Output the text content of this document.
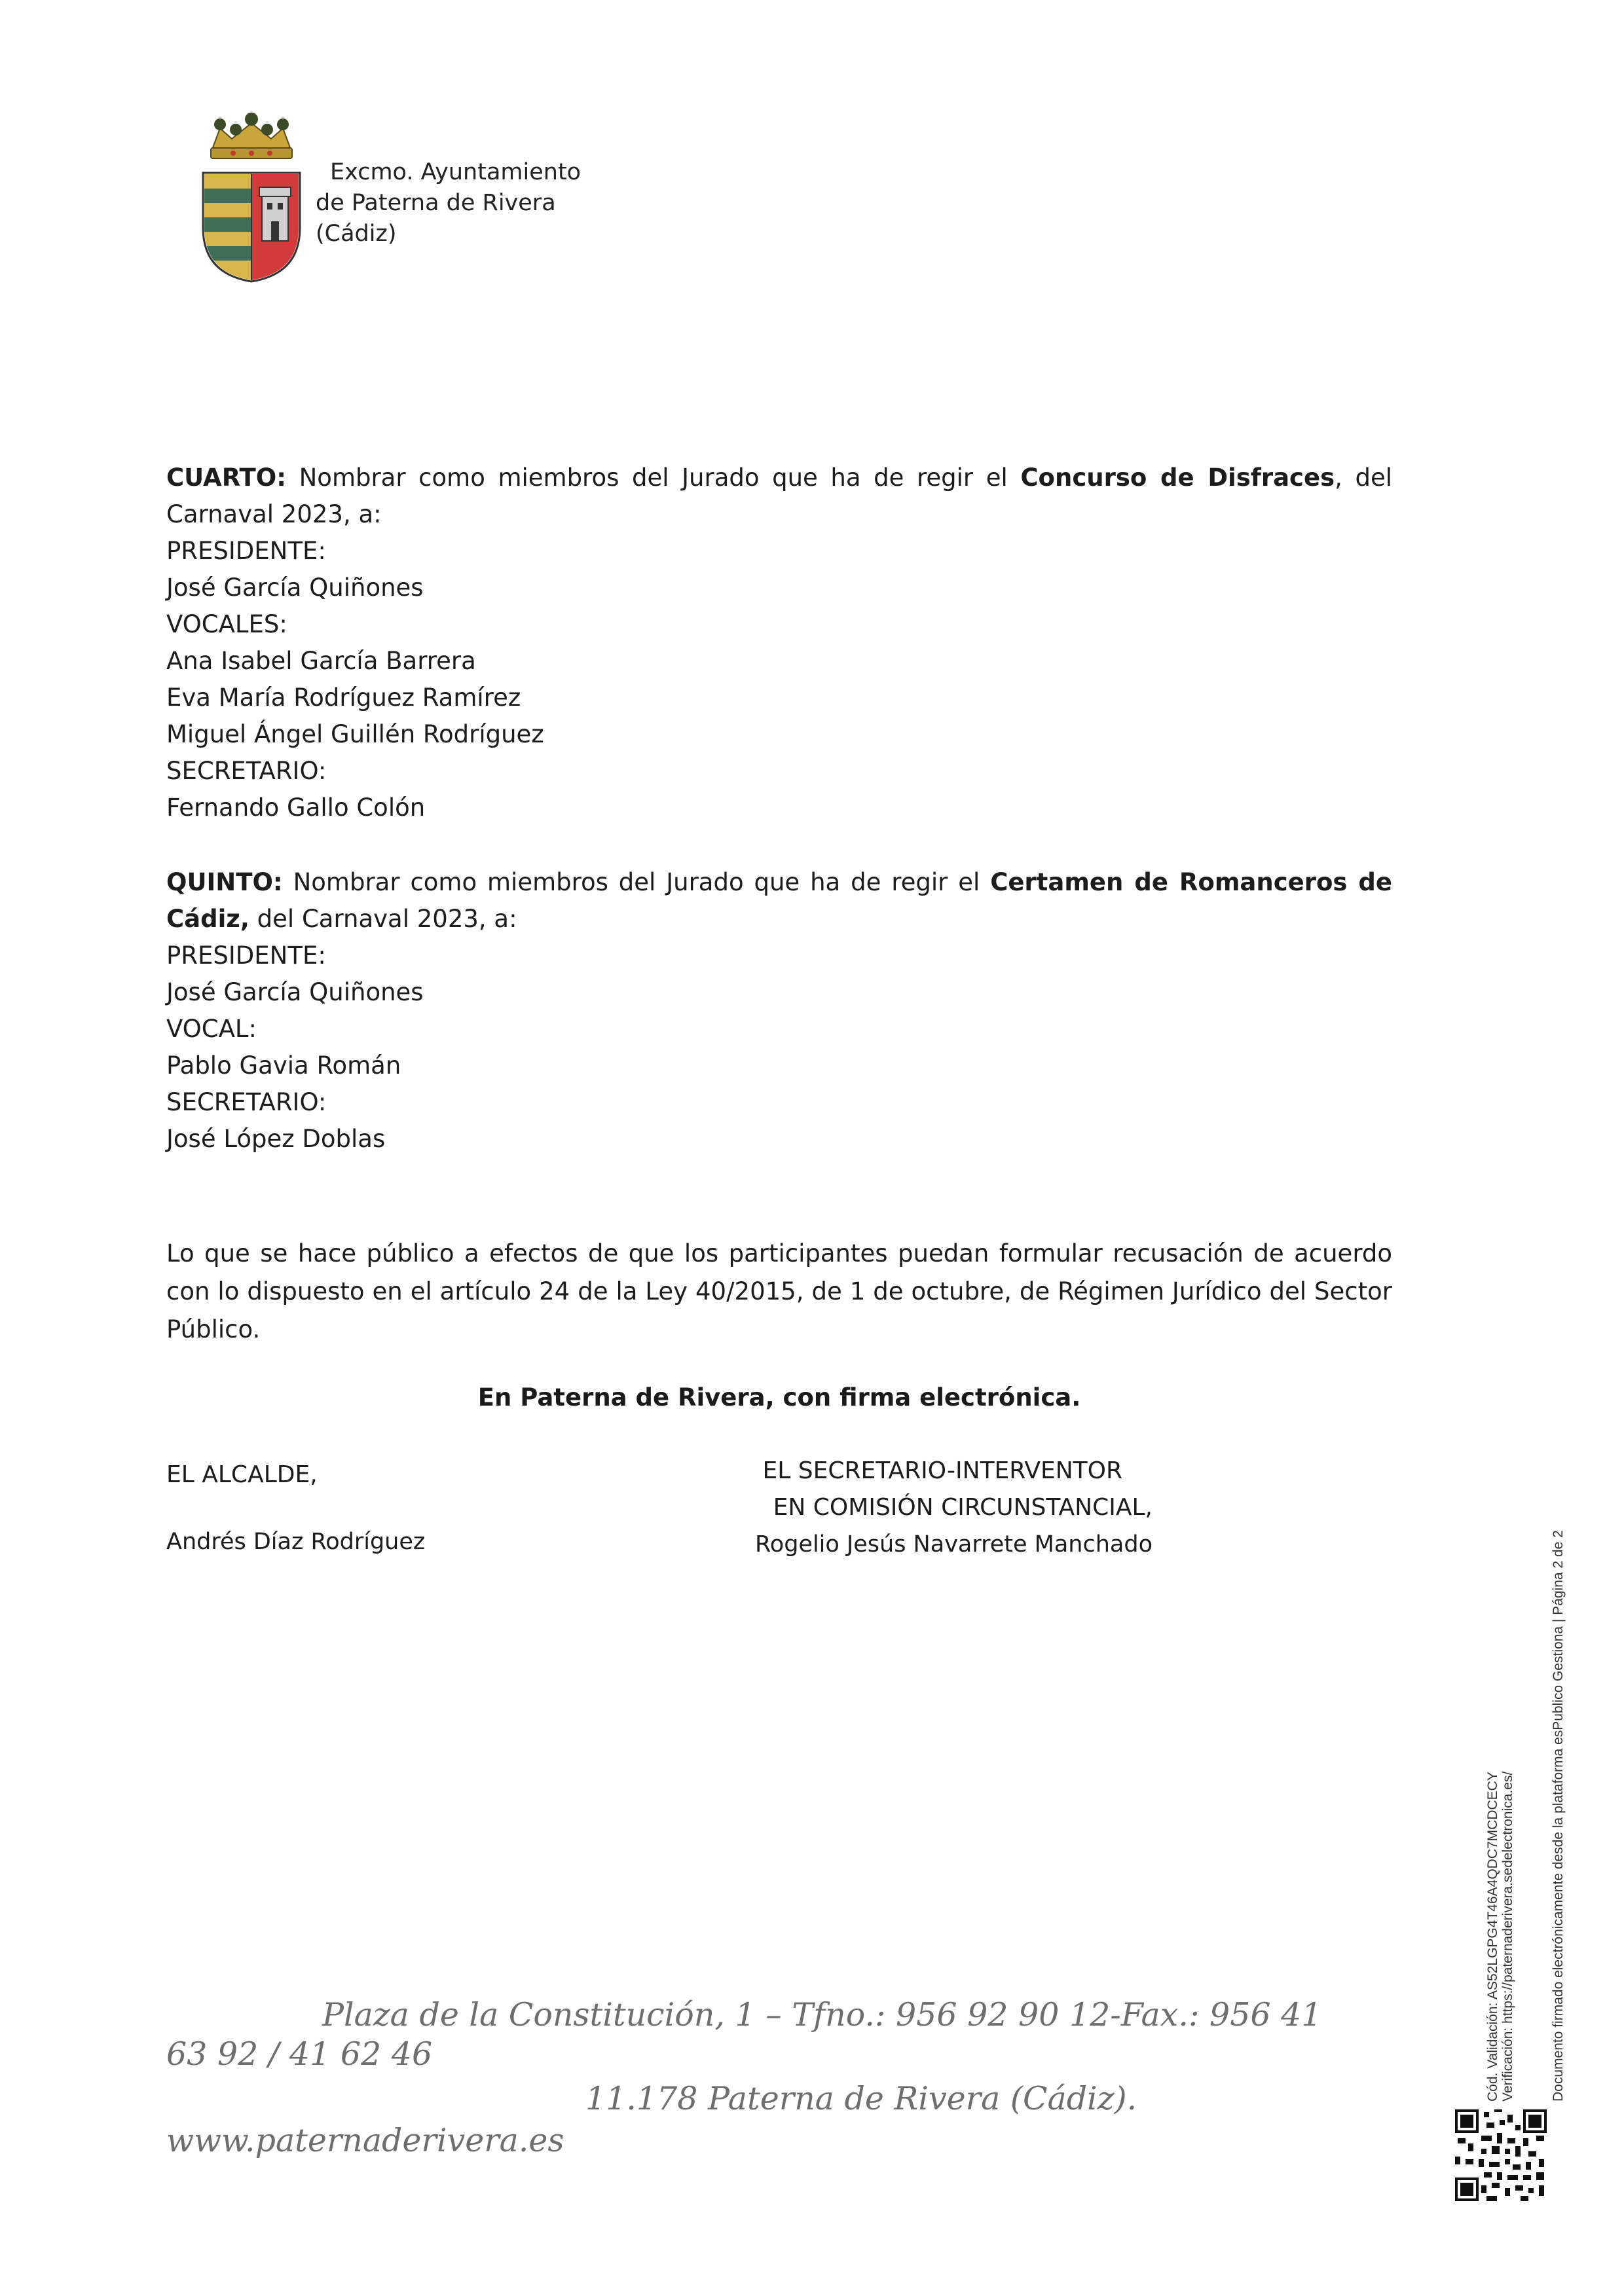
Excmo. Ayuntamiento
de Paterna de Rivera
(Cádiz)
CUARTO: Nombrar como miembros del Jurado que ha de regir el Concurso de Disfraces, del
Carnaval 2023, a:
PRESIDENTE:
José García Quiñones
VOCALES:
Ana Isabel García Barrera
Eva María Rodríguez Ramírez
Miguel Ángel Guillén Rodríguez
SECRETARIO:
Fernando Gallo Colón
QUINTO: Nombrar como miembros del Jurado que ha de regir el Certamen de Romanceros de
Cádiz, del Carnaval 2023, a:
PRESIDENTE:
José García Quiñones
VOCAL:
Pablo Gavia Román
SECRETARIO:
José López Doblas
Lo que se hace público a efectos de que los participantes puedan formular recusación de acuerdo
con lo dispuesto en el artículo 24 de la Ley 40/2015, de 1 de octubre, de Régimen Jurídico del Sector
Público.
En Paterna de Rivera, con firma electrónica.
EL ALCALDE,
Andrés Díaz Rodríguez
EL SECRETARIO-INTERVENTOR
EN COMISIÓN CIRCUNSTANCIAL,
Rogelio Jesús Navarrete Manchado
Plaza de la Constitución, 1 – Tfno.: 956 92 90 12-Fax.: 956 41
63 92 / 41 62 46
11.178 Paterna de Rivera (Cádiz).
www.paternaderivera.es
Cód. Validación: AS52LGPG4T46A4QDC7MCDCECY Verificación: https://paternaderivera.sedelectronica.es/	Documento firmado electrónicamente desde la plataforma esPublico Gestiona | Página 2 de 2
